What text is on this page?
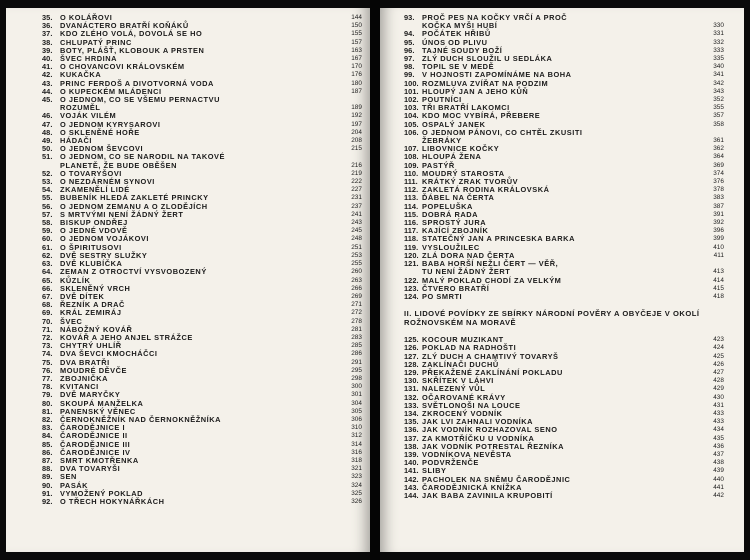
35.	O KOLÁŘOVI	144
36.	DVANÁCTERO BRATŘÍ KOŇÁKŮ	150
37.	KDO ZLÉHO VOLÁ, DOVOLÁ SE HO	155
38.	CHLUPATÝ PRINC	157
39.	BOTY, PLÁŠŤ, KLOBOUK A PRSTEN	163
40.	ŠVEC HRDINA	167
41.	O CHOVANCOVI KRÁLOVSKÉM	170
42.	KUKAČKA	176
43.	PRINC FERDOŠ A DIVOTVORNÁ VODA	180
44.	O KUPECKÉM MLÁDENCI	187
45.	O JEDNOM, CO SE VŠEMU PERNACTVU
ROZUMĚL	189
46.	VOJÁK VILÉM	192
47.	O JEDNOM KYRYSAROVI	197
48.	O SKLENĚNÉ HOŘE	204
49.	HÁDAČI	208
50.	O JEDNOM ŠEVCOVI	215
51.	O JEDNOM, CO SE NARODIL NA TAKOVÉ
PLANETĚ, ŽE BUDE OBĚŠEN	216
52.	O TOVARYŠOVI	219
53.	O NEZDÁRNÉM SYNOVI	222
54.	ZKAMENĚLÍ LIDÉ	227
55.	BUBENÍK HLEDÁ ZAKLETÉ PRINCKY	231
56.	O JEDNOM ZEMANU A O ZLODĚJÍCH	237
57.	S MRTVÝMI NENÍ ŽÁDNÝ ŽERT	241
58.	BISKUP ONDŘEJ	243
59.	O JEDNÉ VDOVĚ	245
60.	O JEDNOM VOJÁKOVI	248
61.	O ŠPIRITUSOVI	251
62.	DVĚ SESTRY SLUŽKY	253
63.	DVĚ KLUBÍČKA	255
64.	ZEMAN Z OTROCTVÍ VYSVOBOZENÝ	260
65.	KŮZLÍK	263
66.	SKLENĚNÝ VRCH	266
67.	DVĚ DÍTEK	269
68.	ŘEZNÍK A DRAČ	271
69.	KRÁL ZEMIRÁJ	272
70.	ŠVEC	278
71.	NÁBOŽNÝ KOVÁŘ	281
72.	KOVÁŘ A JEHO ANJEL STRÁŽCE	283
73.	CHYTRÝ UHLÍŘ	285
74.	DVA ŠEVCI KMOCHÁČCI	286
75.	DVA BRATŘI	291
76.	MOUDRÉ DĚVČE	295
77.	ZBOJNIČKA	298
78.	KVITANCI	300
79.	DVĚ MARYČKY	301
80.	SKOUPÁ MANŽELKA	304
81.	PANENSKÝ VĚNEC	305
82.	ČERNOKNĚŽNÍK NAD ČERNOKNĚŽNÍKA	306
83.	ČARODĚJNICE I	310
84.	ČARODĚJNICE II	312
85.	ČARODĚJNICE III	314
86.	ČARODĚJNICE IV	316
87.	SMRT KMOTŘENKA	318
88.	DVA TOVARYŠI	321
89.	SEN	323
90.	PASÁK	324
91.	VYMOŽENÝ POKLAD	325
92.	O TŘECH HOKYNÁŘKÁCH	326
93.	PROČ PES NA KOČKY VRČÍ A PROČ
KOČKA MYŠI HUBÍ	330
94.	POČÁTEK HŘIBŮ	331
95.	ÚNOS OD PLIVU	332
96.	TAJNÉ SOUDY BOŽÍ	333
97.	ZLÝ DUCH SLOUŽIL U SEDLÁKA	335
98.	TOPIL SE V MEDĚ	340
99.	V HOJNOSTI ZAPOMÍNÁME NA BOHA	341
100. ROZMLUVA ZVÍŘAT NA PODZIM	342
101. HLOUPÝ JAN A JEHO KŮŇ	343
102. POUTNÍCI	352
103. TŘI BRATŘÍ LAKOMCI	355
104. KDO MOC VYBÍRÁ, PŘEBERE	357
105. OSPALÝ JANEK	358
106. O JEDNOM PÁNOVI, CO CHTĚL ZKUSITI
ŽEBRÁKY	361
107. LIBOVNICE KOČKY	362
108. HLOUPÁ ŽENA	364
109. PASTÝŘ	369
110. MOUDRÝ STAROSTA	374
111. KRÁTKÝ ZRAK TVORŮV	376
112. ZAKLETÁ RODINA KRÁLOVSKÁ	378
113. ĎÁBEL NA ČERTA	383
114. POPELUŠKA	387
115. DOBRÁ RADA	391
116. SPROSTÝ JURA	392
117. KAJÍCÍ ZBOJNÍK	396
118. STATEČNÝ JAN A PRINCESKA BARKA	399
119. VYSLOUŽILEC	410
120. ZLÁ DORA NAD ČERTA	411
121. BABA HORŠÍ NEŽLI ČERT — VĚŘ,
TU NENÍ ŽÁDNÝ ŽERT	413
122. MALÝ POKLAD CHODÍ ZA VELKÝM	414
123. ČTVERO BRATŘÍ	415
124. PO SMRTI	418
II. LIDOVÉ POVÍDKY ZE SBÍRKY NÁRODNÍ POVĚRY A OBYČEJE V OKOLÍ ROŽNOVSKÉM NA MORAVĚ
125. KOCOUR MUZIKANT	423
126. POKLAD NA RADHOŠTI	424
127. ZLÝ DUCH A CHAMTIVÝ TOVARYŠ	425
128. ZAKLÍNAČI DUCHŮ	426
129. PŘEKAŽENÉ ZAKLÍNÁNÍ POKLADU	427
130. SKŘÍTEK V LÁHVI	428
131. NALEZENÝ VŮL	429
132. OČAROVANÉ KRÁVY	430
133. SVĚTLONOŠI NA LOUCE	431
134. ZKROCENÝ VODNÍK	433
135. JAK LVI ZAHNALI VODNÍKA	433
136. JAK VODNÍK ROZHAZOVAL SENO	434
137. ZA KMOTŘÍČKU U VODNÍKA	435
138. JAK VODNÍK POTRESTAL ŘEZNÍKA	436
139. VODNÍKOVA NEVĚSTA	437
140. PODVRŽENČE	438
141. SLIBY	439
142. PACHOLEK NA SNĚMU ČARODĚJNIC	440
143. ČARODĚJNICKÁ KNÍŽKA	441
144. JAK BABA ZAVINILA KRUPOBITÍ	442
